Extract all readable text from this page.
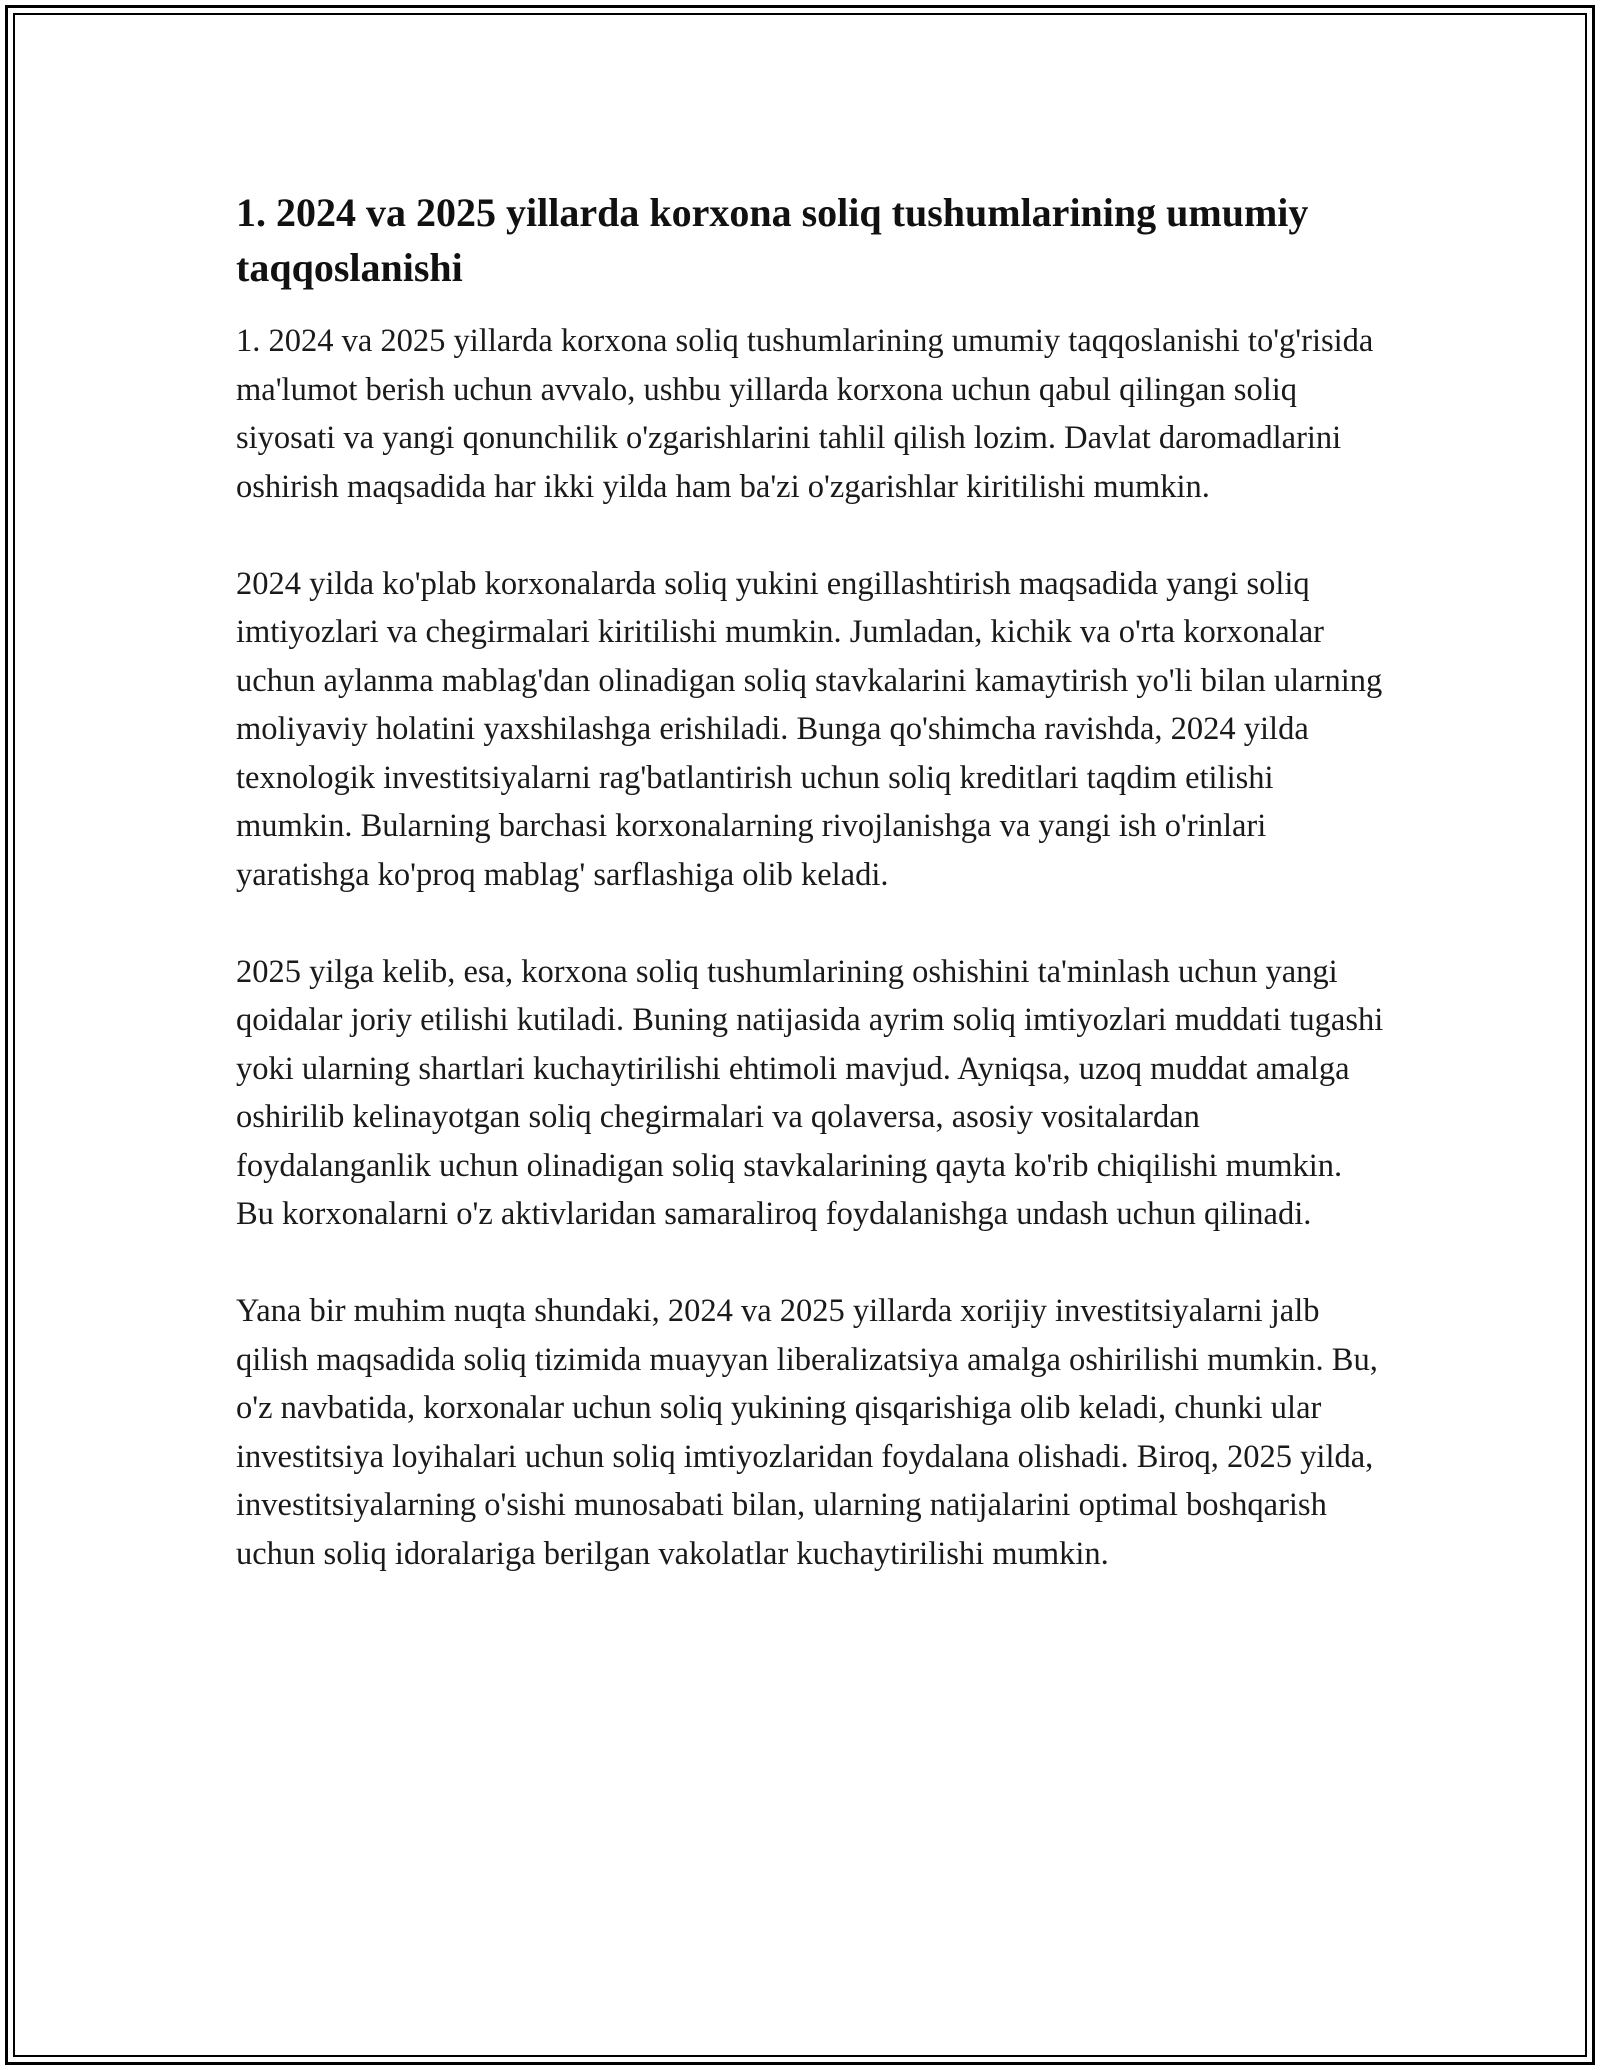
1. 2024 va 2025 yillarda korxona soliq tushumlarining umumiy taqqoslanishi

1. 2024 va 2025 yillarda korxona soliq tushumlarining umumiy taqqoslanishi to'g'risida ma'lumot berish uchun avvalo, ushbu yillarda korxona uchun qabul qilingan soliq siyosati va yangi qonunchilik o'zgarishlarini tahlil qilish lozim. Davlat daromadlarini oshirish maqsadida har ikki yilda ham ba'zi o'zgarishlar kiritilishi mumkin.

2024 yilda ko'plab korxonalarda soliq yukini engillashtirish maqsadida yangi soliq imtiyozlari va chegirmalari kiritilishi mumkin. Jumladan, kichik va o'rta korxonalar uchun aylanma mablag'dan olinadigan soliq stavkalarini kamaytirish yo'li bilan ularning moliyaviy holatini yaxshilashga erishiladi. Bunga qo'shimcha ravishda, 2024 yilda texnologik investitsiyalarni rag'batlantirish uchun soliq kreditlari taqdim etilishi mumkin. Bularning barchasi korxonalarning rivojlanishga va yangi ish o'rinlari yaratishga ko'proq mablag' sarflashiga olib keladi.

2025 yilga kelib, esa, korxona soliq tushumlarining oshishini ta'minlash uchun yangi qoidalar joriy etilishi kutiladi. Buning natijasida ayrim soliq imtiyozlari muddati tugashi yoki ularning shartlari kuchaytirilishi ehtimoli mavjud. Ayniqsa, uzoq muddat amalga oshirilib kelinayotgan soliq chegirmalari va qolaversa, asosiy vositalardan foydalanganlik uchun olinadigan soliq stavkalarining qayta ko'rib chiqilishi mumkin. Bu korxonalarni o'z aktivlaridan samaraliroq foydalanishga undash uchun qilinadi.

Yana bir muhim nuqta shundaki, 2024 va 2025 yillarda xorijiy investitsiyalarni jalb qilish maqsadida soliq tizimida muayyan liberalizatsiya amalga oshirilishi mumkin. Bu, o'z navbatida, korxonalar uchun soliq yukining qisqarishiga olib keladi, chunki ular investitsiya loyihalari uchun soliq imtiyozlaridan foydalana olishadi. Biroq, 2025 yilda, investitsiyalarning o'sishi munosabati bilan, ularning natijalarini optimal boshqarish uchun soliq idoralariga berilgan vakolatlar kuchaytirilishi mumkin.
